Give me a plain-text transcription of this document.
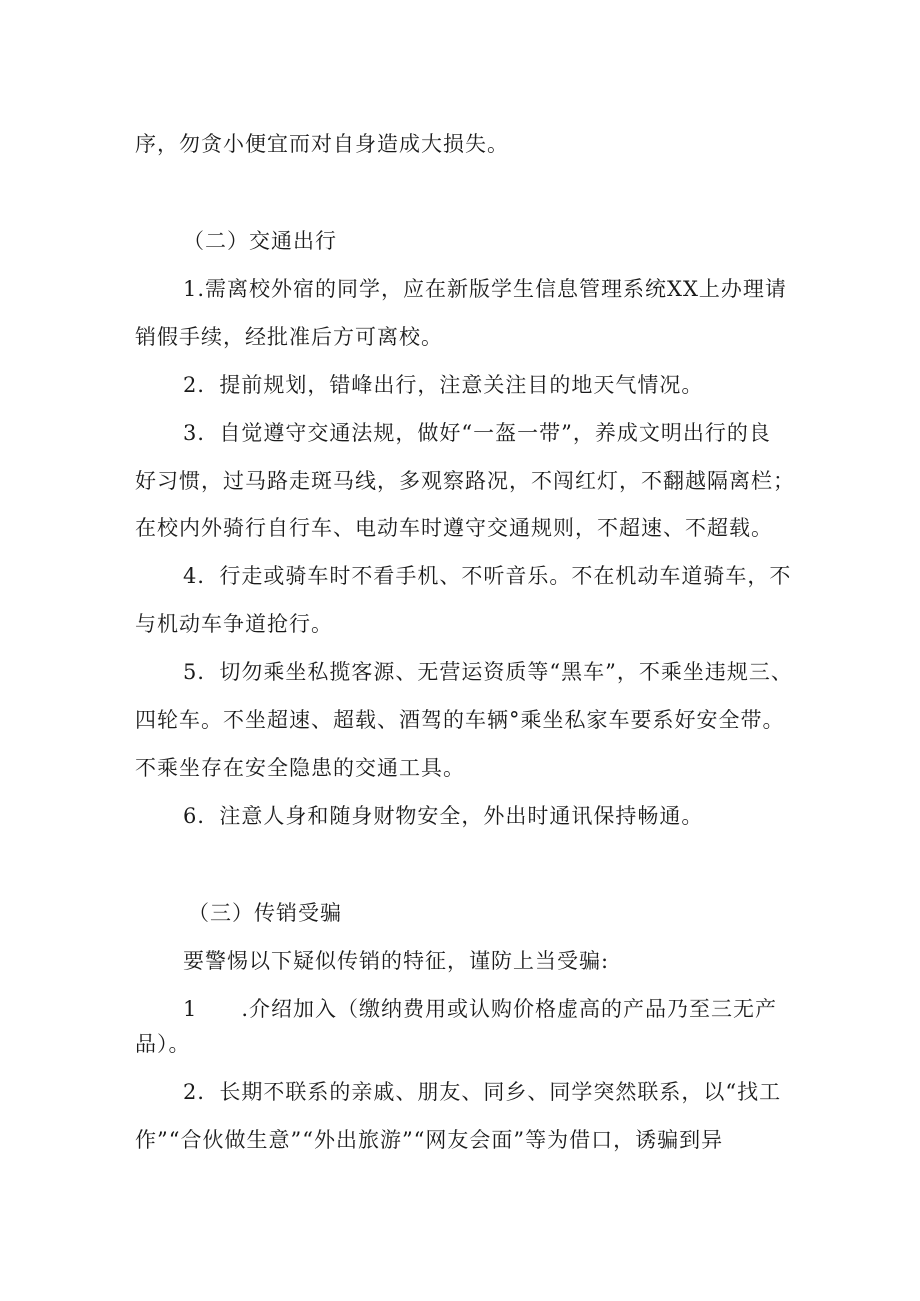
序，勿贪小便宜而对自身造成大损失。
（二）交通出行
1.需离校外宿的同学，应在新版学生信息管理系统XX上办理请
销假手续，经批准后方可离校。
2．提前规划，错峰出行，注意关注目的地天气情况。
3．自觉遵守交通法规，做好“一盔一带”，养成文明出行的良
好习惯，过马路走斑马线，多观察路况，不闯红灯，不翻越隔离栏；
在校内外骑行自行车、电动车时遵守交通规则，不超速、不超载。
4．行走或骑车时不看手机、不听音乐。不在机动车道骑车，不
与机动车争道抢行。
5．切勿乘坐私揽客源、无营运资质等“黑车”，不乘坐违规三、
四轮车。不坐超速、超载、酒驾的车辆°乘坐私家车要系好安全带。
不乘坐存在安全隐患的交通工具。
6．注意人身和随身财物安全，外出时通讯保持畅通。
（三）传销受骗
要警惕以下疑似传销的特征，谨防上当受骗:
1　　.介绍加入（缴纳费用或认购价格虚高的产品乃至三无产
品）。
2．长期不联系的亲戚、朋友、同乡、同学突然联系，以“找工
作”“合伙做生意”“外出旅游”“网友会面”等为借口，诱骗到异
